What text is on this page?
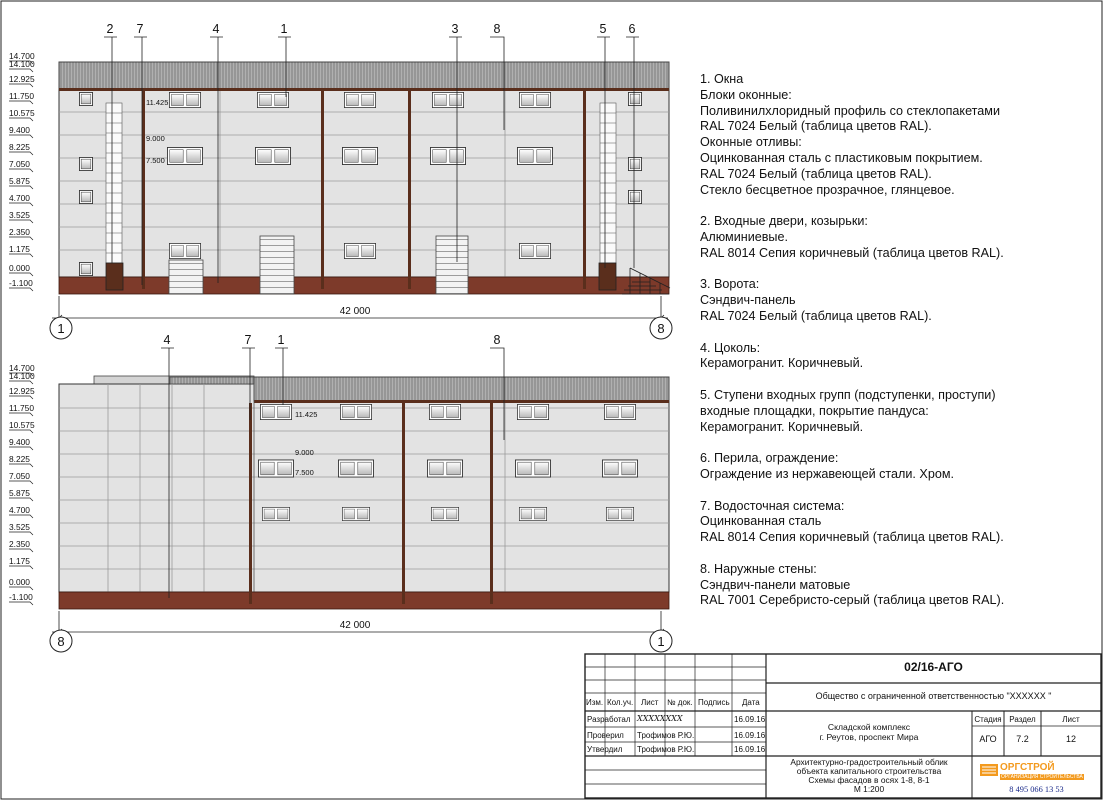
14.700
14.100
12.925
11.750
10.575
9.400
8.225
7.050
5.875
4.700
3.525
2.350
1.175
0.000
-1.100
11.425
9.000
7.500
2 7	4	1	3	8	5 6
42 000
1	8
14.700
14.100
12.925
11.750
10.575
9.400
8.225
7.050
5.875
4.700
3.525
2.350
1.175
0.000
-1.100
11.425
9.000
7.500
4	7 1	8
42 000
8	1
1. Окна
Блоки оконные:
Поливинилхлоридный профиль со стеклопакетами
RAL 7024 Белый (таблица цветов RAL).
Оконные отливы:
Оцинкованная сталь с пластиковым покрытием.
RAL 7024 Белый (таблица цветов RAL).
Стекло бесцветное прозрачное, глянцевое.
2. Входные двери, козырьки:
Алюминиевые.
RAL 8014 Сепия коричневый (таблица цветов RAL).
3. Ворота:
Сэндвич-панель
RAL 7024 Белый (таблица цветов RAL).
4. Цоколь:
Керамогранит. Коричневый.
5. Ступени входных групп (подступенки, проступи)
входные площадки, покрытие пандуса:
Керамогранит. Коричневый.
6. Перила, ограждение:
Ограждение из нержавеющей стали. Хром.
7. Водосточная система:
Оцинкованная сталь
RAL 8014 Сепия коричневый (таблица цветов RAL).
8. Наружные стены:
Сэндвич-панели матовые
RAL 7001 Серебристо-серый (таблица цветов RAL).
02/16-АГО
Общество с ограниченной ответственностью "XXXXXX "
Изм. Кол.уч. Лист № док. Подпись Дата
Разработал XXXXXXXX	16.09.16
Проверил Трофимов Р.Ю.	16.09.16
Утвердил Трофимов Р.Ю.	16.09.16
Складской комплекс
г. Реутов, проспект Мира
Стадия Раздел	Лист
АГО	7.2	12
Архитектурно-градостроительный облик
объекта капитального строительства
Схемы фасадов в осях 1-8, 8-1
М 1:200
ОРГСТРОЙ
ОРГАНИЗАЦИЯ СТРОИТЕЛЬСТВА
8 495 066 13 53
